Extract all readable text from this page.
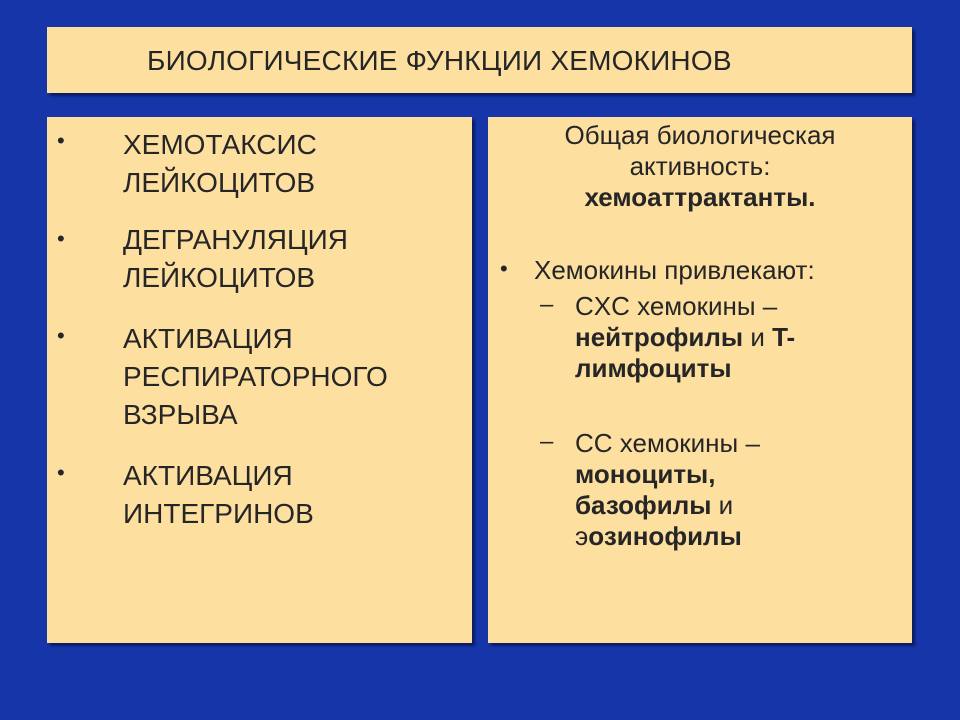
БИОЛОГИЧЕСКИЕ ФУНКЦИИ ХЕМОКИНОВ
• ХЕМОТАКСИС
ЛЕЙКОЦИТОВ
• ДЕГРАНУЛЯЦИЯ
ЛЕЙКОЦИТОВ
• АКТИВАЦИЯ
РЕСПИРАТОРНОГО
ВЗРЫВА
• АКТИВАЦИЯ
ИНТЕГРИНОВ
Общая биологическая
активность:
хемоаттрактанты.
• Хемокины привлекают:
– CXC хемокины –
нейтрофилы и T-
лимфоциты
– CC хемокины –
моноциты,
базофилы и
эозинофилы
